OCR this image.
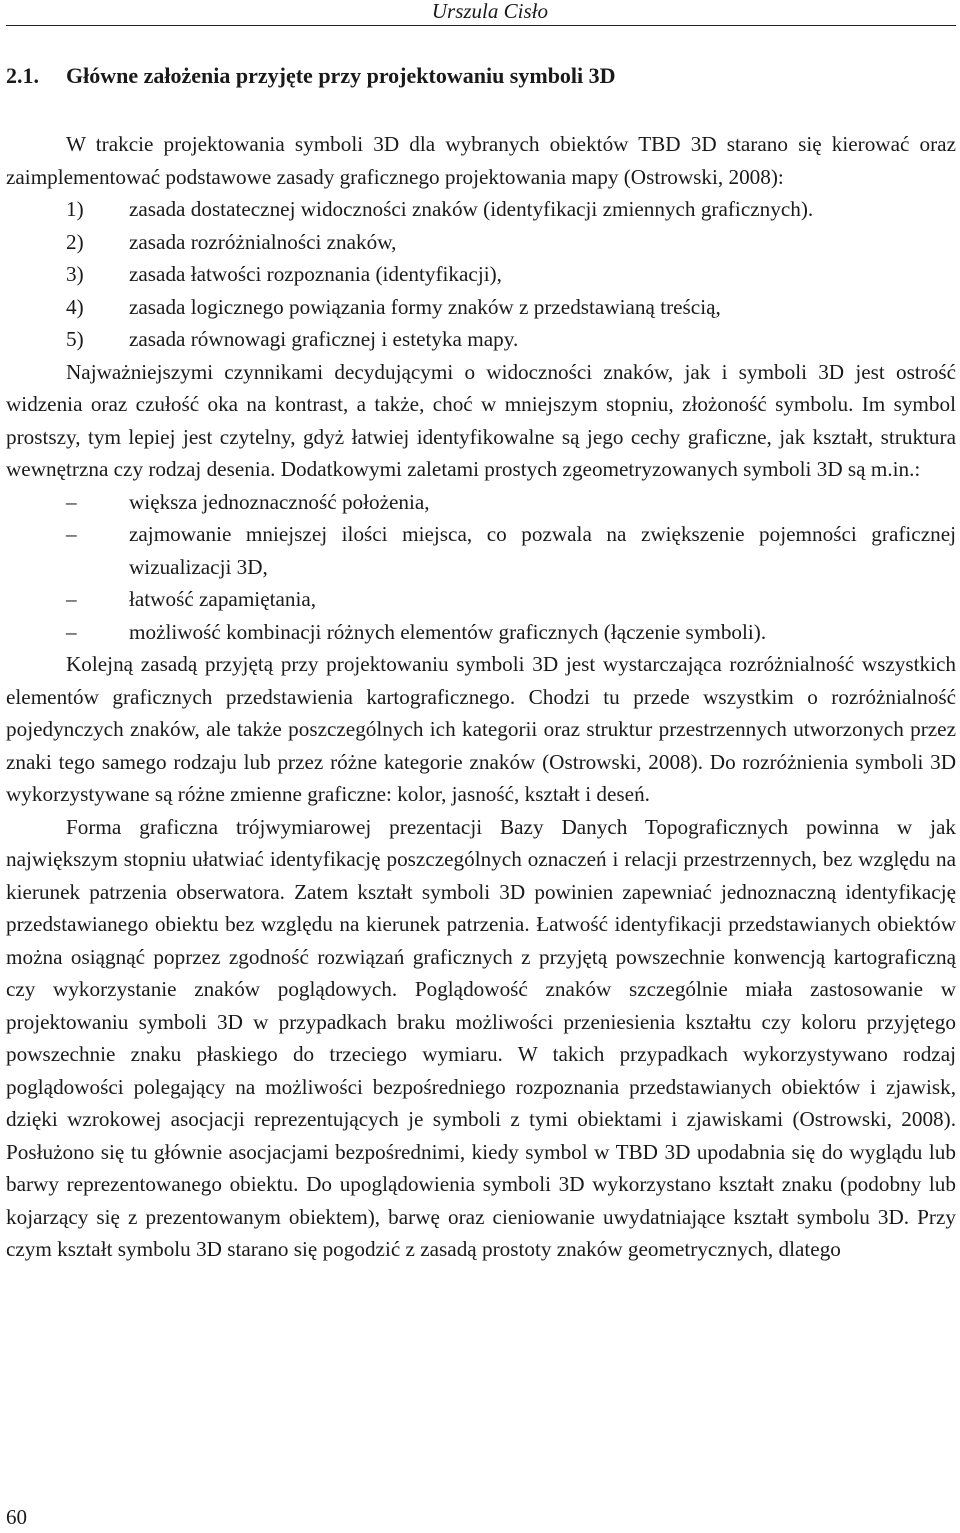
Urszula Cisło
2.1. Główne założenia przyjęte przy projektowaniu symboli 3D

W trakcie projektowania symboli 3D dla wybranych obiektów TBD 3D starano się kierować oraz zaimplementować podstawowe zasady graficznego projektowania mapy (Ostrowski, 2008):

1) zasada dostatecznej widoczności znaków (identyfikacji zmiennych graficznych).
2) zasada rozróżnialności znaków,
3) zasada łatwości rozpoznania (identyfikacji),
4) zasada logicznego powiązania formy znaków z przedstawianą treścią,
5) zasada równowagi graficznej i estetyka mapy.

Najważniejszymi czynnikami decydującymi o widoczności znaków, jak i symboli 3D jest ostrość widzenia oraz czułość oka na kontrast, a także, choć w mniejszym stopniu, złożoność symbolu. Im symbol prostszy, tym lepiej jest czytelny, gdyż łatwiej identyfikowalne są jego cechy graficzne, jak kształt, struktura wewnętrzna czy rodzaj desenia. Dodatkowymi zaletami prostych zgeometryzowanych symboli 3D są m.in.:

– większa jednoznaczność położenia,
– zajmowanie mniejszej ilości miejsca, co pozwala na zwiększenie pojemności graficznej wizualizacji 3D,
– łatwość zapamiętania,
– możliwość kombinacji różnych elementów graficznych (łączenie symboli).

Kolejną zasadą przyjętą przy projektowaniu symboli 3D jest wystarczająca rozróżnialność wszystkich elementów graficznych przedstawienia kartograficznego. Chodzi tu przede wszystkim o rozróżnialność pojedynczych znaków, ale także poszczególnych ich kategorii oraz struktur przestrzennych utworzonych przez znaki tego samego rodzaju lub przez różne kategorie znaków (Ostrowski, 2008). Do rozróżnienia symboli 3D wykorzystywane są różne zmienne graficzne: kolor, jasność, kształt i deseń.

Forma graficzna trójwymiarowej prezentacji Bazy Danych Topograficznych powinna w jak największym stopniu ułatwiać identyfikację poszczególnych oznaczeń i relacji przestrzennych, bez względu na kierunek patrzenia obserwatora. Zatem kształt symboli 3D powinien zapewniać jednoznaczną identyfikację przedstawianego obiektu bez względu na kierunek patrzenia. Łatwość identyfikacji przedstawianych obiektów można osiągnąć poprzez zgodność rozwiązań graficznych z przyjętą powszechnie konwencją kartograficzną czy wykorzystanie znaków poglądowych. Poglądowość znaków szczególnie miała zastosowanie w projektowaniu symboli 3D w przypadkach braku możliwości przeniesienia kształtu czy koloru przyjętego powszechnie znaku płaskiego do trzeciego wymiaru. W takich przypadkach wykorzystywano rodzaj poglądowości polegający na możliwości bezpośredniego rozpoznania przedstawianych obiektów i zjawisk, dzięki wzrokowej asocjacji reprezentujących je symboli z tymi obiektami i zjawiskami (Ostrowski, 2008). Posłużono się tu głównie asocjacjami bezpośrednimi, kiedy symbol w TBD 3D upodabnia się do wyglądu lub barwy reprezentowanego obiektu. Do upoglądowienia symboli 3D wykorzystano kształt znaku (podobny lub kojarzący się z prezentowanym obiektem), barwę oraz cieniowanie uwydatniające kształt symbolu 3D. Przy czym kształt symbolu 3D starano się pogodzić z zasadą prostoty znaków geometrycznych, dlatego

60
